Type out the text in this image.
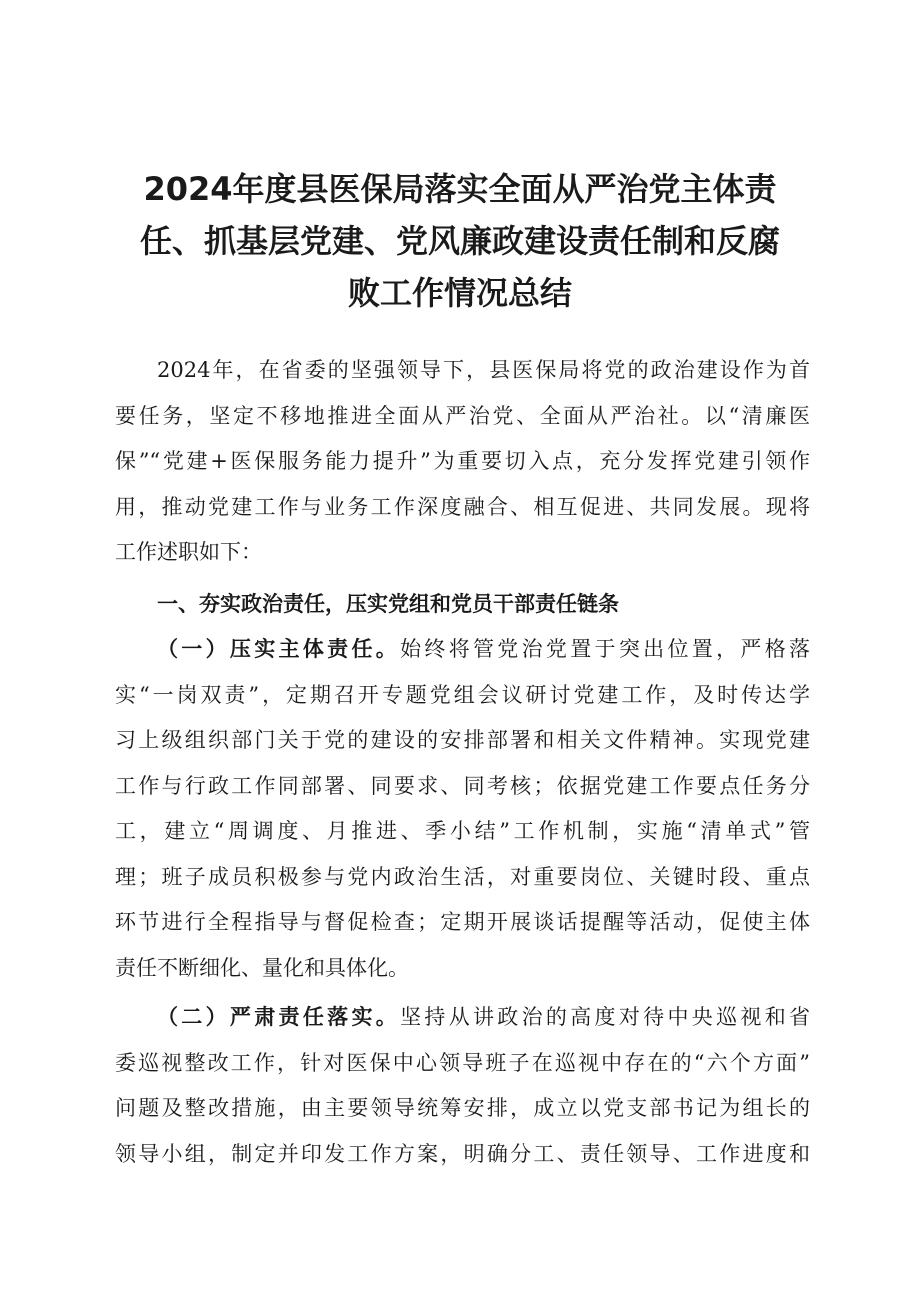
2024年度县医保局落实全面从严治党主体责
任、抓基层党建、党风廉政建设责任制和反腐
败工作情况总结
2024年，在省委的坚强领导下，县医保局将党的政治建设作为首
要任务，坚定不移地推进全面从严治党、全面从严治社。以“清廉医
保”“党建+医保服务能力提升”为重要切入点，充分发挥党建引领作
用，推动党建工作与业务工作深度融合、相互促进、共同发展。现将
工作述职如下：
一、夯实政治责任，压实党组和党员干部责任链条
（一）压实主体责任。始终将管党治党置于突出位置，严格落
实“一岗双责”，定期召开专题党组会议研讨党建工作，及时传达学
习上级组织部门关于党的建设的安排部署和相关文件精神。实现党建
工作与行政工作同部署、同要求、同考核；依据党建工作要点任务分
工，建立“周调度、月推进、季小结”工作机制，实施“清单式”管
理；班子成员积极参与党内政治生活，对重要岗位、关键时段、重点
环节进行全程指导与督促检查；定期开展谈话提醒等活动，促使主体
责任不断细化、量化和具体化。
（二）严肃责任落实。坚持从讲政治的高度对待中央巡视和省
委巡视整改工作，针对医保中心领导班子在巡视中存在的“六个方面”
问题及整改措施，由主要领导统筹安排，成立以党支部书记为组长的
领导小组，制定并印发工作方案，明确分工、责任领导、工作进度和
